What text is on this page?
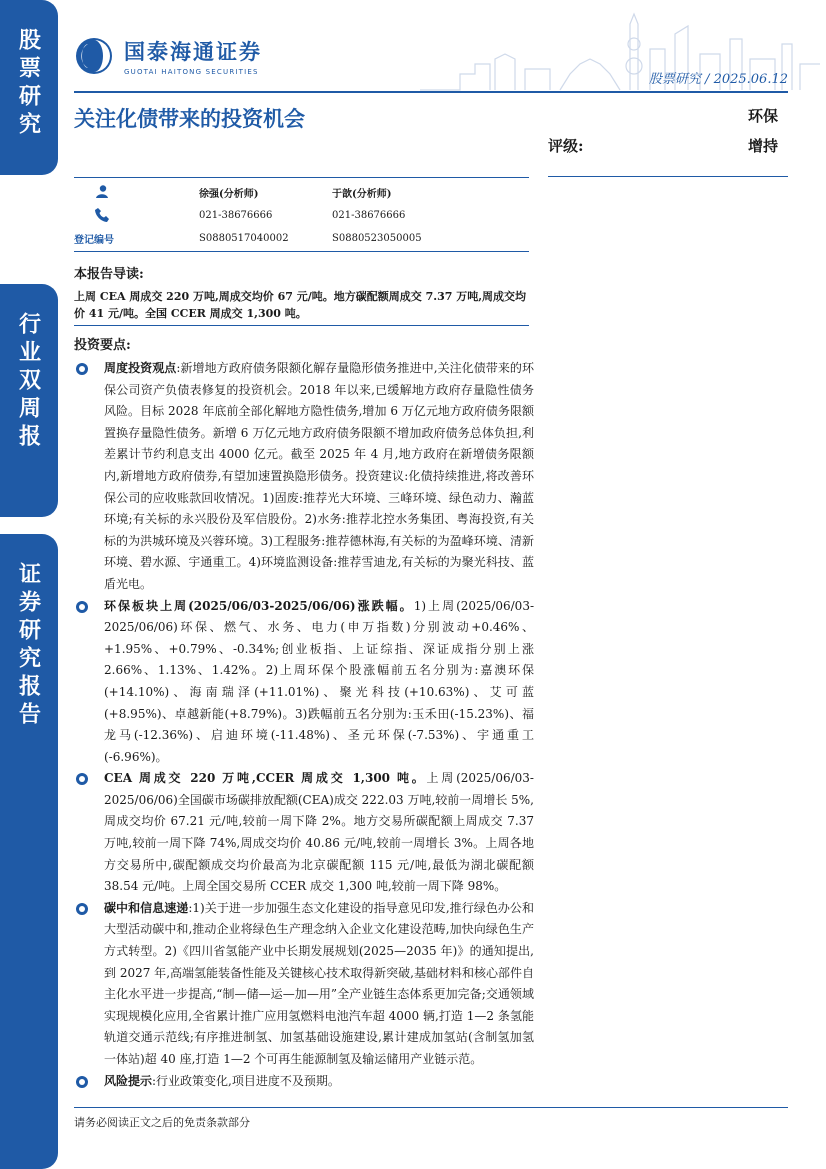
股票研究
行业双周报
证券研究报告
国泰海通证券
GUOTAI HAITONG SECURITIES	股票研究 / 2025.06.12
关注化债带来的投资机会	环保
评级:	增持
徐强(分析师)	于歆(分析师)
021-38676666	021-38676666
登记编号	S0880517040002	S0880523050005
本报告导读:
上周 CEA 周成交 220 万吨,周成交均价 67 元/吨。地方碳配额周成交 7.37 万吨,周成交均价 41 元/吨。全国 CCER 周成交 1,300 吨。
投资要点:
周度投资观点:新增地方政府债务限额化解存量隐形债务推进中,关注化债带来的环保公司资产负债表修复的投资机会。2018 年以来,已缓解地方政府存量隐性债务风险。目标 2028 年底前全部化解地方隐性债务,增加 6 万亿元地方政府债务限额置换存量隐性债务。新增 6 万亿元地方政府债务限额不增加政府债务总体负担,利差累计节约利息支出 4000 亿元。截至 2025 年 4 月,地方政府在新增债务限额内,新增地方政府债券,有望加速置换隐形债务。投资建议:化债持续推进,将改善环保公司的应收账款回收情况。1)固废:推荐光大环境、三峰环境、绿色动力、瀚蓝环境;有关标的永兴股份及军信股份。2)水务:推荐北控水务集团、粤海投资,有关标的为洪城环境及兴蓉环境。3)工程服务:推荐德林海,有关标的为盈峰环境、清新环境、碧水源、宇通重工。4)环境监测设备:推荐雪迪龙,有关标的为聚光科技、蓝盾光电。
环保板块上周(2025/06/03-2025/06/06)涨跌幅。1)上周(2025/06/03-2025/06/06)环保、燃气、水务、电力(申万指数)分别波动+0.46%、+1.95%、+0.79%、-0.34%;创业板指、上证综指、深证成指分别上涨 2.66%、1.13%、1.42%。2)上周环保个股涨幅前五名分别为:嘉澳环保(+14.10%)、海南瑞泽(+11.01%)、聚光科技(+10.63%)、艾可蓝(+8.95%)、卓越新能(+8.79%)。3)跌幅前五名分别为:玉禾田(-15.23%)、福龙马(-12.36%)、启迪环境(-11.48%)、圣元环保(-7.53%)、宇通重工(-6.96%)。
CEA 周成交 220 万吨,CCER 周成交 1,300 吨。上周(2025/06/03-2025/06/06)全国碳市场碳排放配额(CEA)成交 222.03 万吨,较前一周增长 5%,周成交均价 67.21 元/吨,较前一周下降 2%。地方交易所碳配额上周成交 7.37 万吨,较前一周下降 74%,周成交均价 40.86 元/吨,较前一周增长 3%。上周各地方交易所中,碳配额成交均价最高为北京碳配额 115 元/吨,最低为湖北碳配额 38.54 元/吨。上周全国交易所 CCER 成交 1,300 吨,较前一周下降 98%。
碳中和信息速递:1)关于进一步加强生态文化建设的指导意见印发,推行绿色办公和大型活动碳中和,推动企业将绿色生产理念纳入企业文化建设范畴,加快向绿色生产方式转型。2)《四川省氢能产业中长期发展规划(2025—2035 年)》的通知提出,到 2027 年,高端氢能装备性能及关键核心技术取得新突破,基础材料和核心部件自主化水平进一步提高,“制—储—运—加—用”全产业链生态体系更加完备;交通领域实现规模化应用,全省累计推广应用氢燃料电池汽车超 4000 辆,打造 1—2 条氢能轨道交通示范线;有序推进制氢、加氢基础设施建设,累计建成加氢站(含制氢加氢一体站)超 40 座,打造 1—2 个可再生能源制氢及输运储用产业链示范。
风险提示:行业政策变化,项目进度不及预期。
请务必阅读正文之后的免责条款部分
